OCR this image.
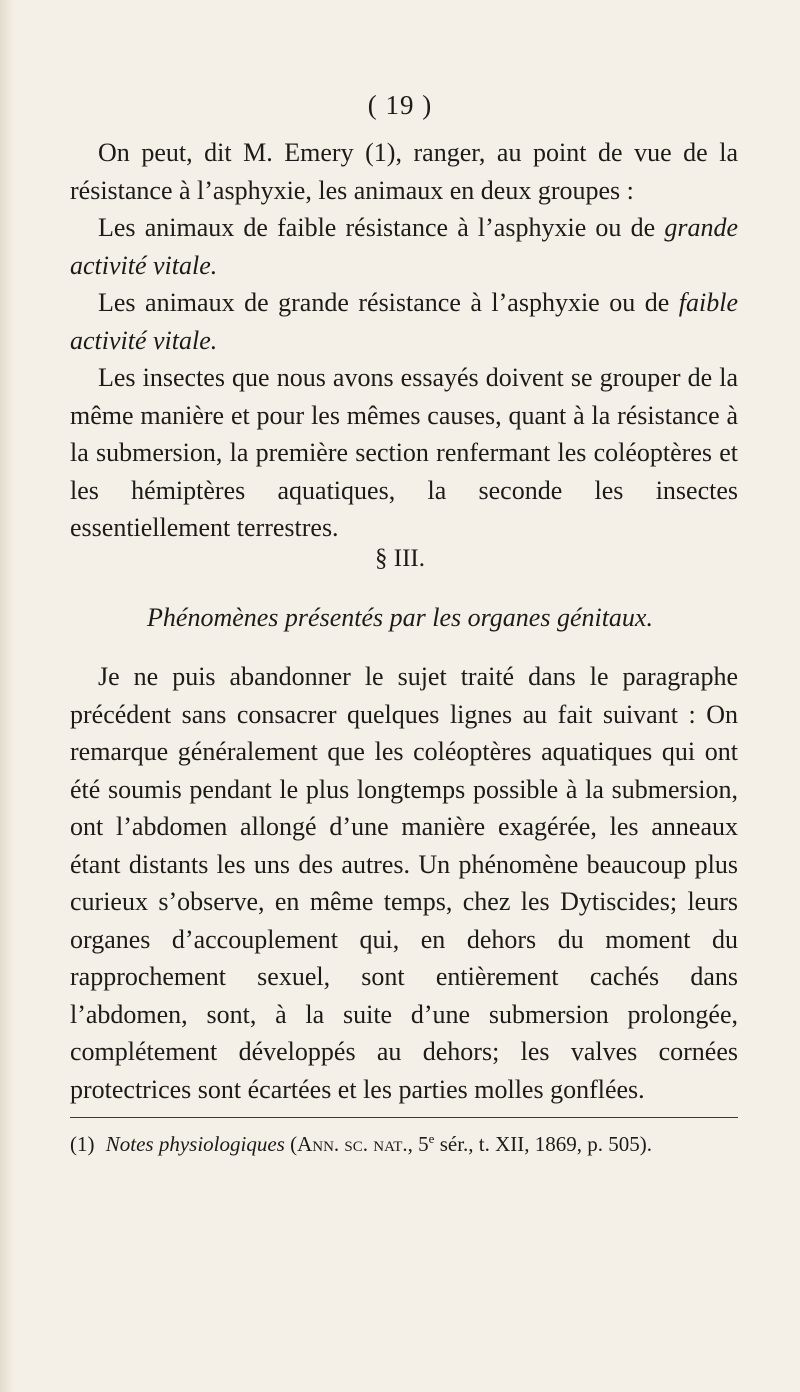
( 19 )

On peut, dit M. Emery (1), ranger, au point de vue de la résistance à l’asphyxie, les animaux en deux groupes :

Les animaux de faible résistance à l’asphyxie ou de grande activité vitale.

Les animaux de grande résistance à l’asphyxie ou de faible activité vitale.

Les insectes que nous avons essayés doivent se grouper de la même manière et pour les mêmes causes, quant à la résistance à la submersion, la première section renfermant les coléoptères et les hémiptères aquatiques, la seconde les insectes essentiellement terrestres.

§ III.
Phénomènes présentés par les organes génitaux.

Je ne puis abandonner le sujet traité dans le paragraphe précédent sans consacrer quelques lignes au fait suivant : On remarque généralement que les coléoptères aquatiques qui ont été soumis pendant le plus longtemps possible à la submersion, ont l’abdomen allongé d’une manière exagérée, les anneaux étant distants les uns des autres. Un phénomène beaucoup plus curieux s’observe, en même temps, chez les Dytiscides; leurs organes d’accouplement qui, en dehors du moment du rapprochement sexuel, sont entièrement cachés dans l’abdomen, sont, à la suite d’une submersion prolongée, complétement développés au dehors; les valves cornées protectrices sont écartées et les parties molles gonflées.

(1) Notes physiologiques (Ann. sc. nat., 5e sér., t. XII, 1869, p. 505).
